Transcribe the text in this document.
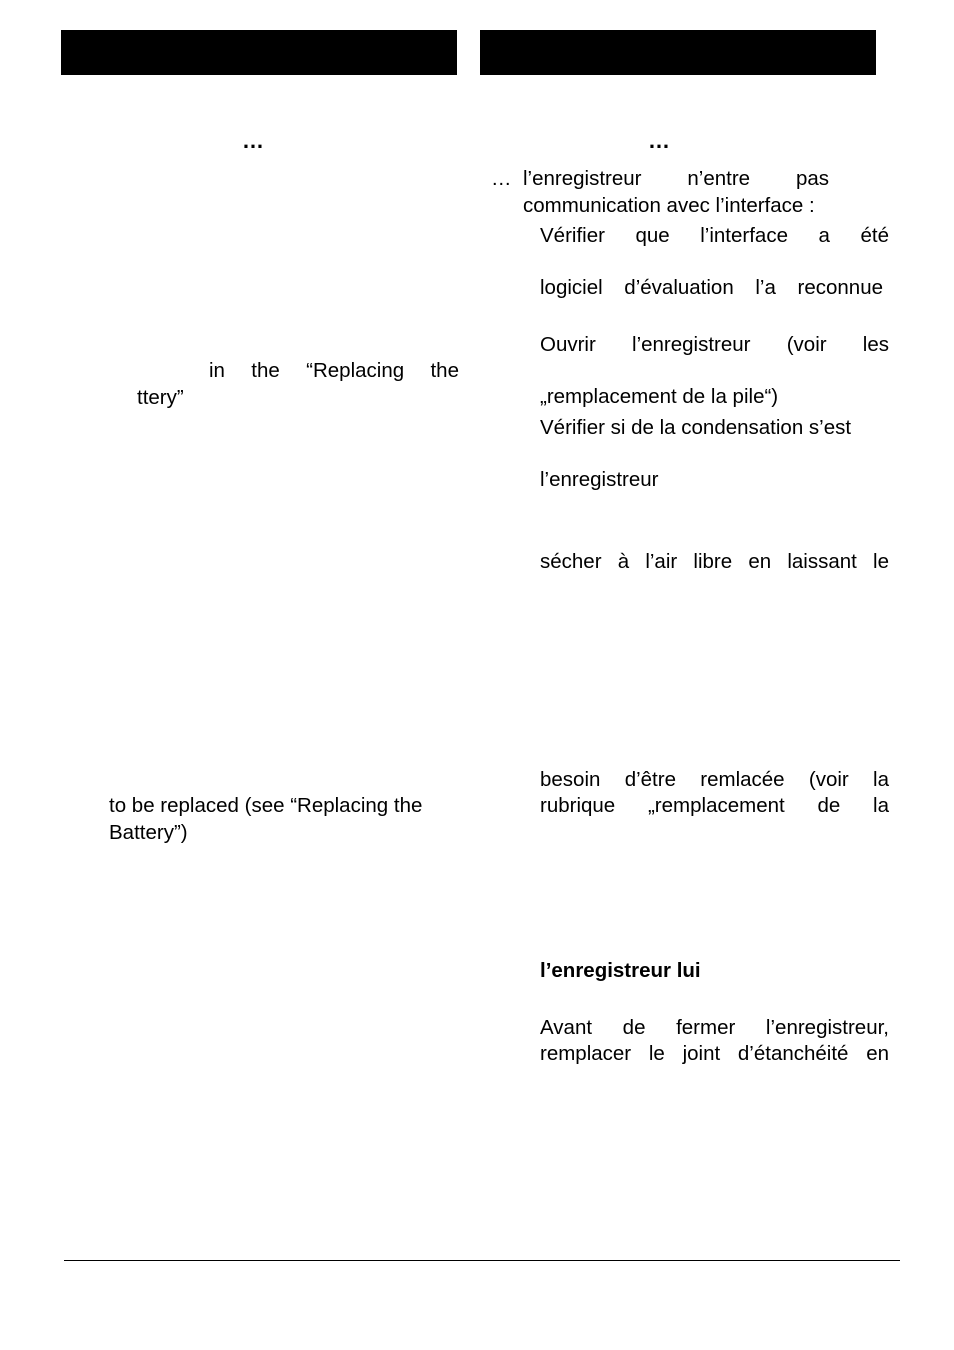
…
in the “Replacing the
ttery”
to be replaced (see “Replacing the
Battery”)
…
… l’enregistreur n’entre pas
communication avec l’interface :
Vérifier que l’interface a été
logiciel d’évaluation l’a reconnue
Ouvrir l’enregistreur (voir les
„remplacement de la pile“)
Vérifier si de la condensation s’est
l’enregistreur
sécher à l’air libre en laissant le
besoin d’être remlacée (voir la
rubrique „remplacement de la
l’enregistreur lui
Avant de fermer l’enregistreur,
remplacer le joint d’étanchéité en
